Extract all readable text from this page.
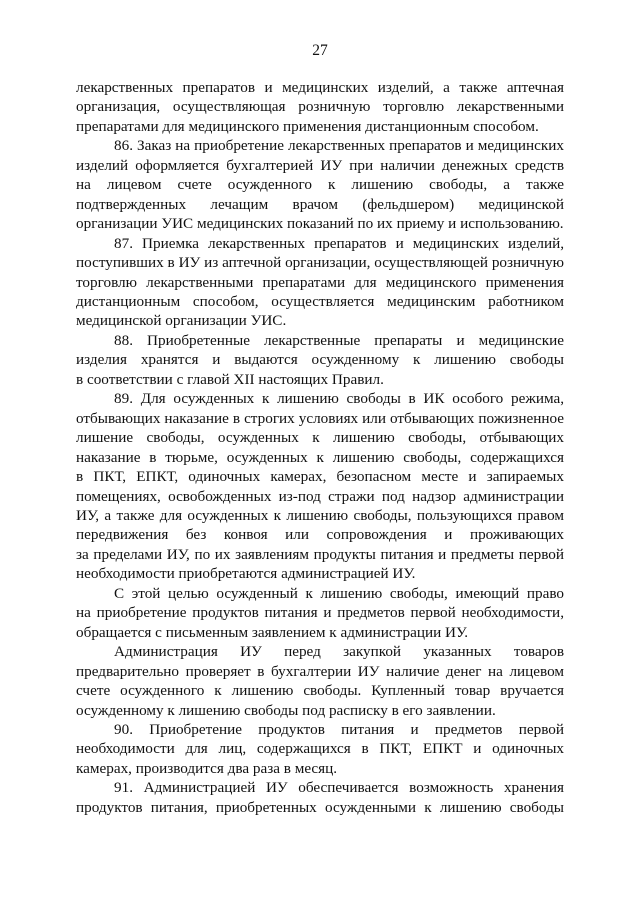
27

лекарственных препаратов и медицинских изделий, а также аптечная
организация, осуществляющая розничную торговлю лекарственными
препаратами для медицинского применения дистанционным способом.

86. Заказ на приобретение лекарственных препаратов и медицинских
изделий оформляется бухгалтерией ИУ при наличии денежных средств
на лицевом счете осужденного к лишению свободы, а также
подтвержденных лечащим врачом (фельдшером) медицинской
организации УИС медицинских показаний по их приему и использованию.

87. Приемка лекарственных препаратов и медицинских изделий,
поступивших в ИУ из аптечной организации, осуществляющей розничную
торговлю лекарственными препаратами для медицинского применения
дистанционным способом, осуществляется медицинским работником
медицинской организации УИС.

88. Приобретенные лекарственные препараты и медицинские
изделия хранятся и выдаются осужденному к лишению свободы
в соответствии с главой XII настоящих Правил.

89. Для осужденных к лишению свободы в ИК особого режима,
отбывающих наказание в строгих условиях или отбывающих пожизненное
лишение свободы, осужденных к лишению свободы, отбывающих
наказание в тюрьме, осужденных к лишению свободы, содержащихся
в ПКТ, ЕПКТ, одиночных камерах, безопасном месте и запираемых
помещениях, освобожденных из-под стражи под надзор администрации
ИУ, а также для осужденных к лишению свободы, пользующихся правом
передвижения без конвоя или сопровождения и проживающих
за пределами ИУ, по их заявлениям продукты питания и предметы первой
необходимости приобретаются администрацией ИУ.

С этой целью осужденный к лишению свободы, имеющий право
на приобретение продуктов питания и предметов первой необходимости,
обращается с письменным заявлением к администрации ИУ.

Администрация ИУ перед закупкой указанных товаров
предварительно проверяет в бухгалтерии ИУ наличие денег на лицевом
счете осужденного к лишению свободы. Купленный товар вручается
осужденному к лишению свободы под расписку в его заявлении.

90. Приобретение продуктов питания и предметов первой
необходимости для лиц, содержащихся в ПКТ, ЕПКТ и одиночных
камерах, производится два раза в месяц.

91. Администрацией ИУ обеспечивается возможность хранения
продуктов питания, приобретенных осужденными к лишению свободы
